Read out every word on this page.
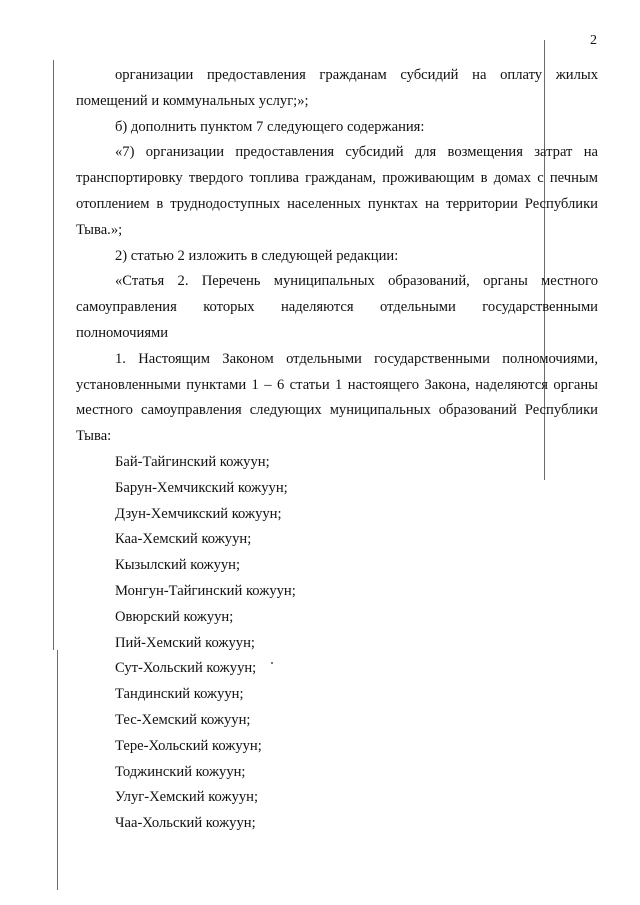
2

организации предоставления гражданам субсидий на оплату жилых помещений и коммунальных услуг;»;

б) дополнить пунктом 7 следующего содержания:

«7) организации предоставления субсидий для возмещения затрат на транспортировку твердого топлива гражданам, проживающим в домах с печным отоплением в труднодоступных населенных пунктах на территории Республики Тыва.»;

2) статью 2 изложить в следующей редакции:

«Статья 2. Перечень муниципальных образований, органы местного самоуправления которых наделяются отдельными государственными полномочиями

1. Настоящим Законом отдельными государственными полномочиями, установленными пунктами 1 – 6 статьи 1 настоящего Закона, наделяются органы местного самоуправления следующих муниципальных образований Республики Тыва:

Бай-Тайгинский кожуун;

Барун-Хемчикский кожуун;

Дзун-Хемчикский кожуун;

Каа-Хемский кожуун;

Кызылский кожуун;

Монгун-Тайгинский кожуун;

Овюрский кожуун;

Пий-Хемский кожуун;

Сут-Хольский кожуун;

Тандинский кожуун;

Тес-Хемский кожуун;

Тере-Хольский кожуун;

Тоджинский кожуун;

Улуг-Хемский кожуун;

Чаа-Хольский кожуун;
